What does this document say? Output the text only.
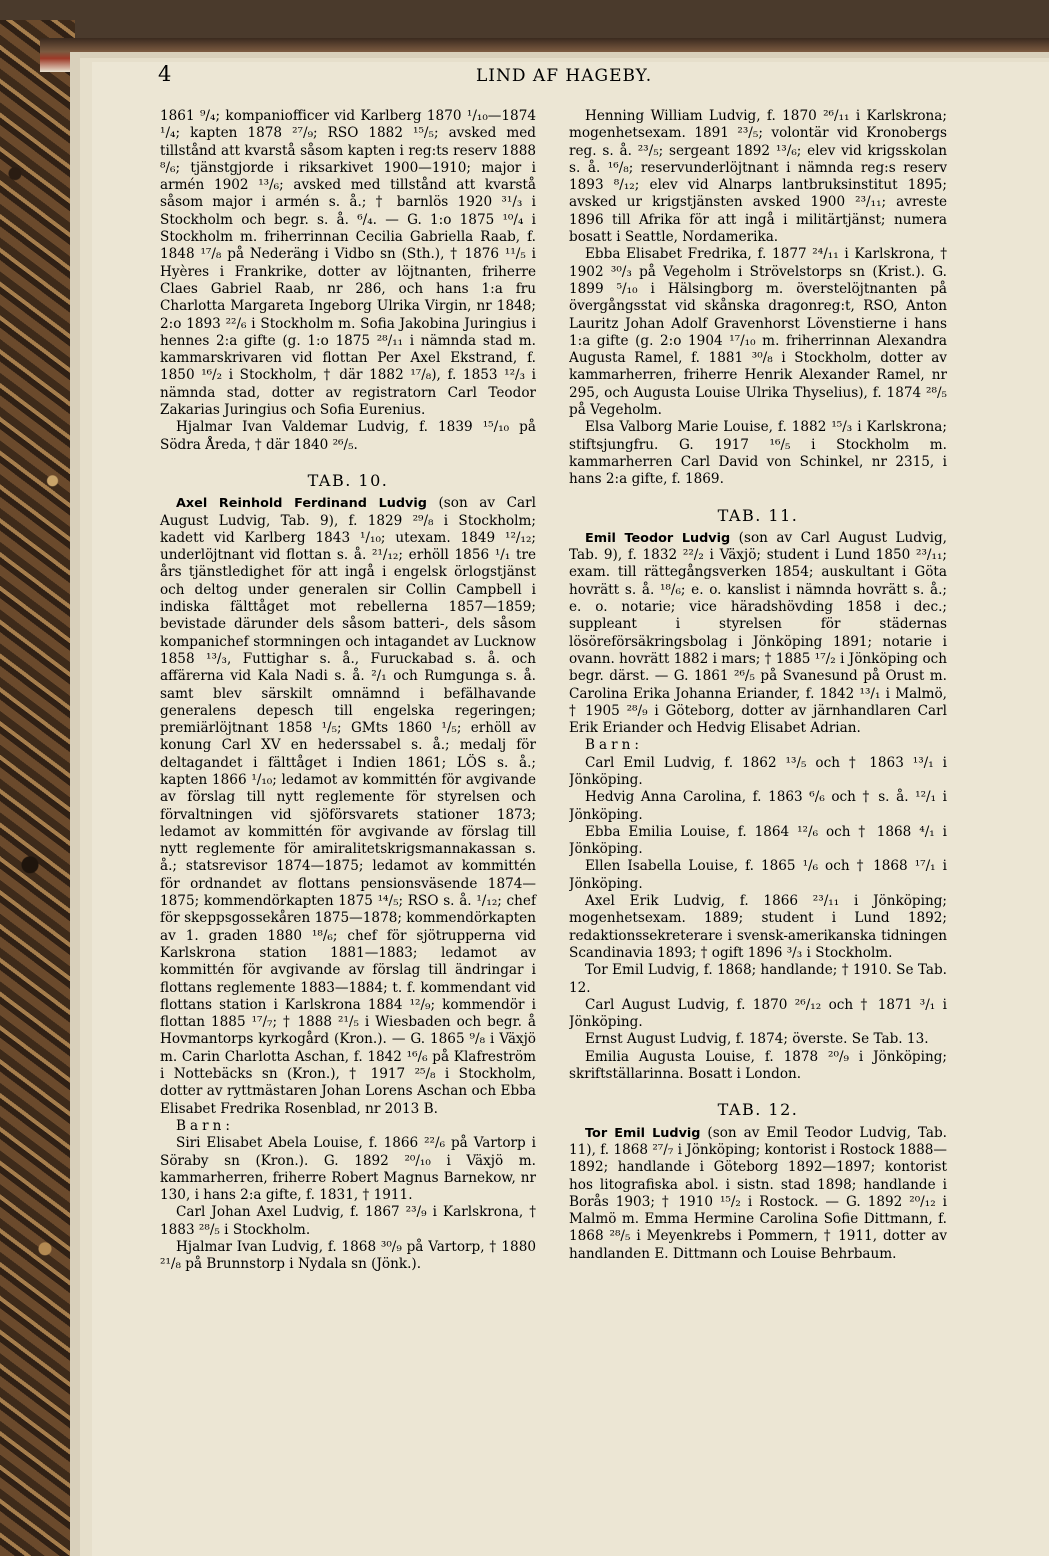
4	LIND AF HAGEBY.

1861 ⁹/₄; kompaniofficer vid Karlberg 1870 ¹/₁₀—1874 ¹/₄; kapten 1878 ²⁷/₉; RSO 1882 ¹⁵/₅; avsked med tillstånd att kvarstå såsom kapten i reg:ts reserv 1888 ⁸/₆; tjänstgjorde i riksarkivet 1900—1910; major i armén 1902 ¹³/₆; avsked med tillstånd att kvarstå såsom major i armén s. å.; † barnlös 1920 ³¹/₃ i Stockholm och begr. s. å. ⁶/₄. — G. 1:o 1875 ¹⁰/₄ i Stockholm m. friherrinnan Cecilia Gabriella Raab, f. 1848 ¹⁷/₈ på Nederäng i Vidbo sn (Sth.), † 1876 ¹¹/₅ i Hyères i Frankrike, dotter av löjtnanten, friherre Claes Gabriel Raab, nr 286, och hans 1:a fru Charlotta Margareta Ingeborg Ulrika Virgin, nr 1848; 2:o 1893 ²²/₆ i Stockholm m. Sofia Jakobina Juringius i hennes 2:a gifte (g. 1:o 1875 ²⁸/₁₁ i nämnda stad m. kammarskrivaren vid flottan Per Axel Ekstrand, f. 1850 ¹⁶/₂ i Stockholm, † där 1882 ¹⁷/₈), f. 1853 ¹²/₃ i nämnda stad, dotter av registratorn Carl Teodor Zakarias Juringius och Sofia Eurenius.

Hjalmar Ivan Valdemar Ludvig, f. 1839 ¹⁵/₁₀ på Södra Åreda, † där 1840 ²⁶/₅.

TAB. 10.

Axel Reinhold Ferdinand Ludvig (son av Carl August Ludvig, Tab. 9), f. 1829 ²⁹/₈ i Stockholm; kadett vid Karlberg 1843 ¹/₁₀; utexam. 1849 ¹²/₁₂; underlöjtnant vid flottan s. å. ²¹/₁₂; erhöll 1856 ¹/₁ tre års tjänstledighet för att ingå i engelsk örlogstjänst och deltog under generalen sir Collin Campbell i indiska fälttåget mot rebellerna 1857—1859; bevistade därunder dels såsom batteri-, dels såsom kompanichef stormningen och intagandet av Lucknow 1858 ¹³/₃, Futtighar s. å., Furuckabad s. å. och affärerna vid Kala Nadi s. å. ²/₁ och Rumgunga s. å. samt blev särskilt omnämnd i befälhavande generalens depesch till engelska regeringen; premiärlöjtnant 1858 ¹/₅; GMts 1860 ¹/₅; erhöll av konung Carl XV en hederssabel s. å.; medalj för deltagandet i fälttåget i Indien 1861; LÖS s. å.; kapten 1866 ¹/₁₀; ledamot av kommittén för avgivande av förslag till nytt reglemente för styrelsen och förvaltningen vid sjöförsvarets stationer 1873; ledamot av kommittén för avgivande av förslag till nytt reglemente för amiralitetskrigsmannakassan s. å.; statsrevisor 1874—1875; ledamot av kommittén för ordnandet av flottans pensionsväsende 1874—1875; kommendörkapten 1875 ¹⁴/₅; RSO s. å. ¹/₁₂; chef för skeppsgossekåren 1875—1878; kommendörkapten av 1. graden 1880 ¹⁸/₆; chef för sjötrupperna vid Karlskrona station 1881—1883; ledamot av kommittén för avgivande av förslag till ändringar i flottans reglemente 1883—1884; t. f. kommendant vid flottans station i Karlskrona 1884 ¹²/₉; kommendör i flottan 1885 ¹⁷/₇; † 1888 ²¹/₅ i Wiesbaden och begr. å Hovmantorps kyrkogård (Kron.). — G. 1865 ⁹/₈ i Växjö m. Carin Charlotta Aschan, f. 1842 ¹⁶/₆ på Klafreström i Nottebäcks sn (Kron.), † 1917 ²⁵/₈ i Stockholm, dotter av ryttmästaren Johan Lorens Aschan och Ebba Elisabet Fredrika Rosenblad, nr 2013 B.

Barn:

Siri Elisabet Abela Louise, f. 1866 ²²/₆ på Vartorp i Söraby sn (Kron.). G. 1892 ²⁰/₁₀ i Växjö m. kammarherren, friherre Robert Magnus Barnekow, nr 130, i hans 2:a gifte, f. 1831, † 1911.

Carl Johan Axel Ludvig, f. 1867 ²³/₉ i Karlskrona, † 1883 ²⁸/₅ i Stockholm.

Hjalmar Ivan Ludvig, f. 1868 ³⁰/₉ på Vartorp, † 1880 ²¹/₈ på Brunnstorp i Nydala sn (Jönk.).

Henning William Ludvig, f. 1870 ²⁶/₁₁ i Karlskrona; mogenhetsexam. 1891 ²³/₅; volontär vid Kronobergs reg. s. å. ²³/₅; sergeant 1892 ¹³/₆; elev vid krigsskolan s. å. ¹⁶/₈; reservunderlöjtnant i nämnda reg:s reserv 1893 ⁸/₁₂; elev vid Alnarps lantbruksinstitut 1895; avsked ur krigstjänsten avsked 1900 ²³/₁₁; avreste 1896 till Afrika för att ingå i militärtjänst; numera bosatt i Seattle, Nordamerika.

Ebba Elisabet Fredrika, f. 1877 ²⁴/₁₁ i Karlskrona, † 1902 ³⁰/₃ på Vegeholm i Strövelstorps sn (Krist.). G. 1899 ⁵/₁₀ i Hälsingborg m. överstelöjtnanten på övergångsstat vid skånska dragonreg:t, RSO, Anton Lauritz Johan Adolf Gravenhorst Lövenstierne i hans 1:a gifte (g. 2:o 1904 ¹⁷/₁₀ m. friherrinnan Alexandra Augusta Ramel, f. 1881 ³⁰/₈ i Stockholm, dotter av kammarherren, friherre Henrik Alexander Ramel, nr 295, och Augusta Louise Ulrika Thyselius), f. 1874 ²⁸/₅ på Vegeholm.

Elsa Valborg Marie Louise, f. 1882 ¹⁵/₃ i Karlskrona; stiftsjungfru. G. 1917 ¹⁶/₅ i Stockholm m. kammarherren Carl David von Schinkel, nr 2315, i hans 2:a gifte, f. 1869.

TAB. 11.

Emil Teodor Ludvig (son av Carl August Ludvig, Tab. 9), f. 1832 ²²/₂ i Växjö; student i Lund 1850 ²³/₁₁; exam. till rättegångsverken 1854; auskultant i Göta hovrätt s. å. ¹⁸/₆; e. o. kanslist i nämnda hovrätt s. å.; e. o. notarie; vice häradshövding 1858 i dec.; suppleant i styrelsen för städernas lösöreförsäkringsbolag i Jönköping 1891; notarie i ovann. hovrätt 1882 i mars; † 1885 ¹⁷/₂ i Jönköping och begr. därst. — G. 1861 ²⁶/₅ på Svanesund på Orust m. Carolina Erika Johanna Eriander, f. 1842 ¹³/₁ i Malmö, † 1905 ²⁸/₉ i Göteborg, dotter av järnhandlaren Carl Erik Eriander och Hedvig Elisabet Adrian.

Barn:

Carl Emil Ludvig, f. 1862 ¹³/₅ och † 1863 ¹³/₁ i Jönköping.

Hedvig Anna Carolina, f. 1863 ⁶/₆ och † s. å. ¹²/₁ i Jönköping.

Ebba Emilia Louise, f. 1864 ¹²/₆ och † 1868 ⁴/₁ i Jönköping.

Ellen Isabella Louise, f. 1865 ¹/₆ och † 1868 ¹⁷/₁ i Jönköping.

Axel Erik Ludvig, f. 1866 ²³/₁₁ i Jönköping; mogenhetsexam. 1889; student i Lund 1892; redaktionssekreterare i svensk-amerikanska tidningen Scandinavia 1893; † ogift 1896 ³/₃ i Stockholm.

Tor Emil Ludvig, f. 1868; handlande; † 1910. Se Tab. 12.

Carl August Ludvig, f. 1870 ²⁶/₁₂ och † 1871 ³/₁ i Jönköping.

Ernst August Ludvig, f. 1874; överste. Se Tab. 13.

Emilia Augusta Louise, f. 1878 ²⁰/₉ i Jönköping; skriftställarinna. Bosatt i London.

TAB. 12.

Tor Emil Ludvig (son av Emil Teodor Ludvig, Tab. 11), f. 1868 ²⁷/₇ i Jönköping; kontorist i Rostock 1888—1892; handlande i Göteborg 1892—1897; kontorist hos litografiska abol. i sistn. stad 1898; handlande i Borås 1903; † 1910 ¹⁵/₂ i Rostock. — G. 1892 ²⁰/₁₂ i Malmö m. Emma Hermine Carolina Sofie Dittmann, f. 1868 ²⁸/₅ i Meyenkrebs i Pommern, † 1911, dotter av handlanden E. Dittmann och Louise Behrbaum.
